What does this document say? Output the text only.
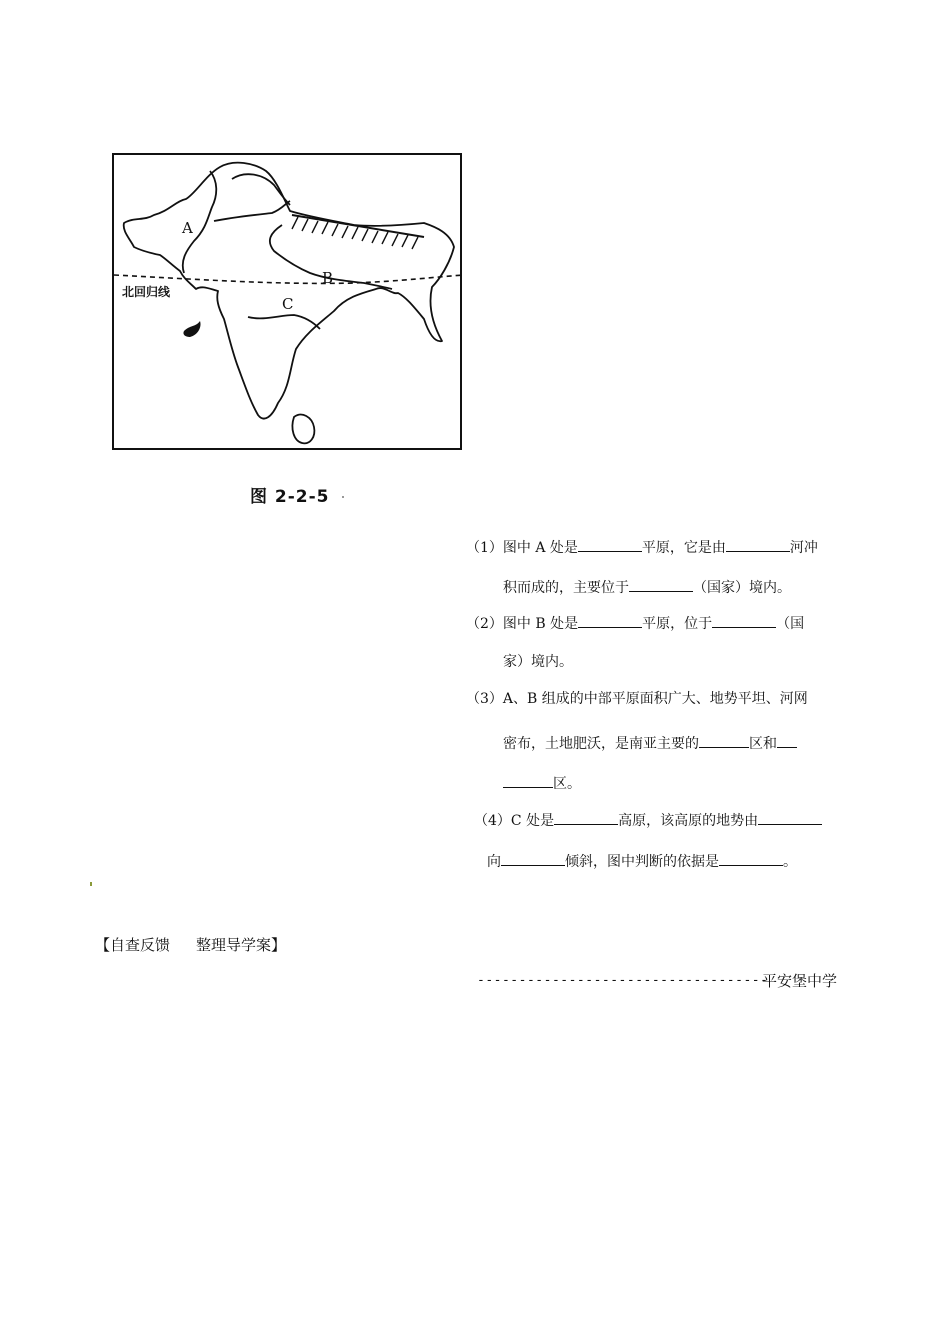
A
B
C
北回归线
图 2-2-5
（1）图中 A 处是	平原，它是由	河冲
积而成的，主要位于	（国家）境内。
（2）图中 B 处是	平原，位于	（国
家）境内。
（3）A、B 组成的中部平原面积广大、地势平坦、河网
密布，土地肥沃，是南亚主要的	区和
区。
（4）C 处是	高原，该高原的地势由
向	倾斜，图中判断的依据是	。
【自查反馈 整理导学案】
-----------------------------------
平安堡中学
